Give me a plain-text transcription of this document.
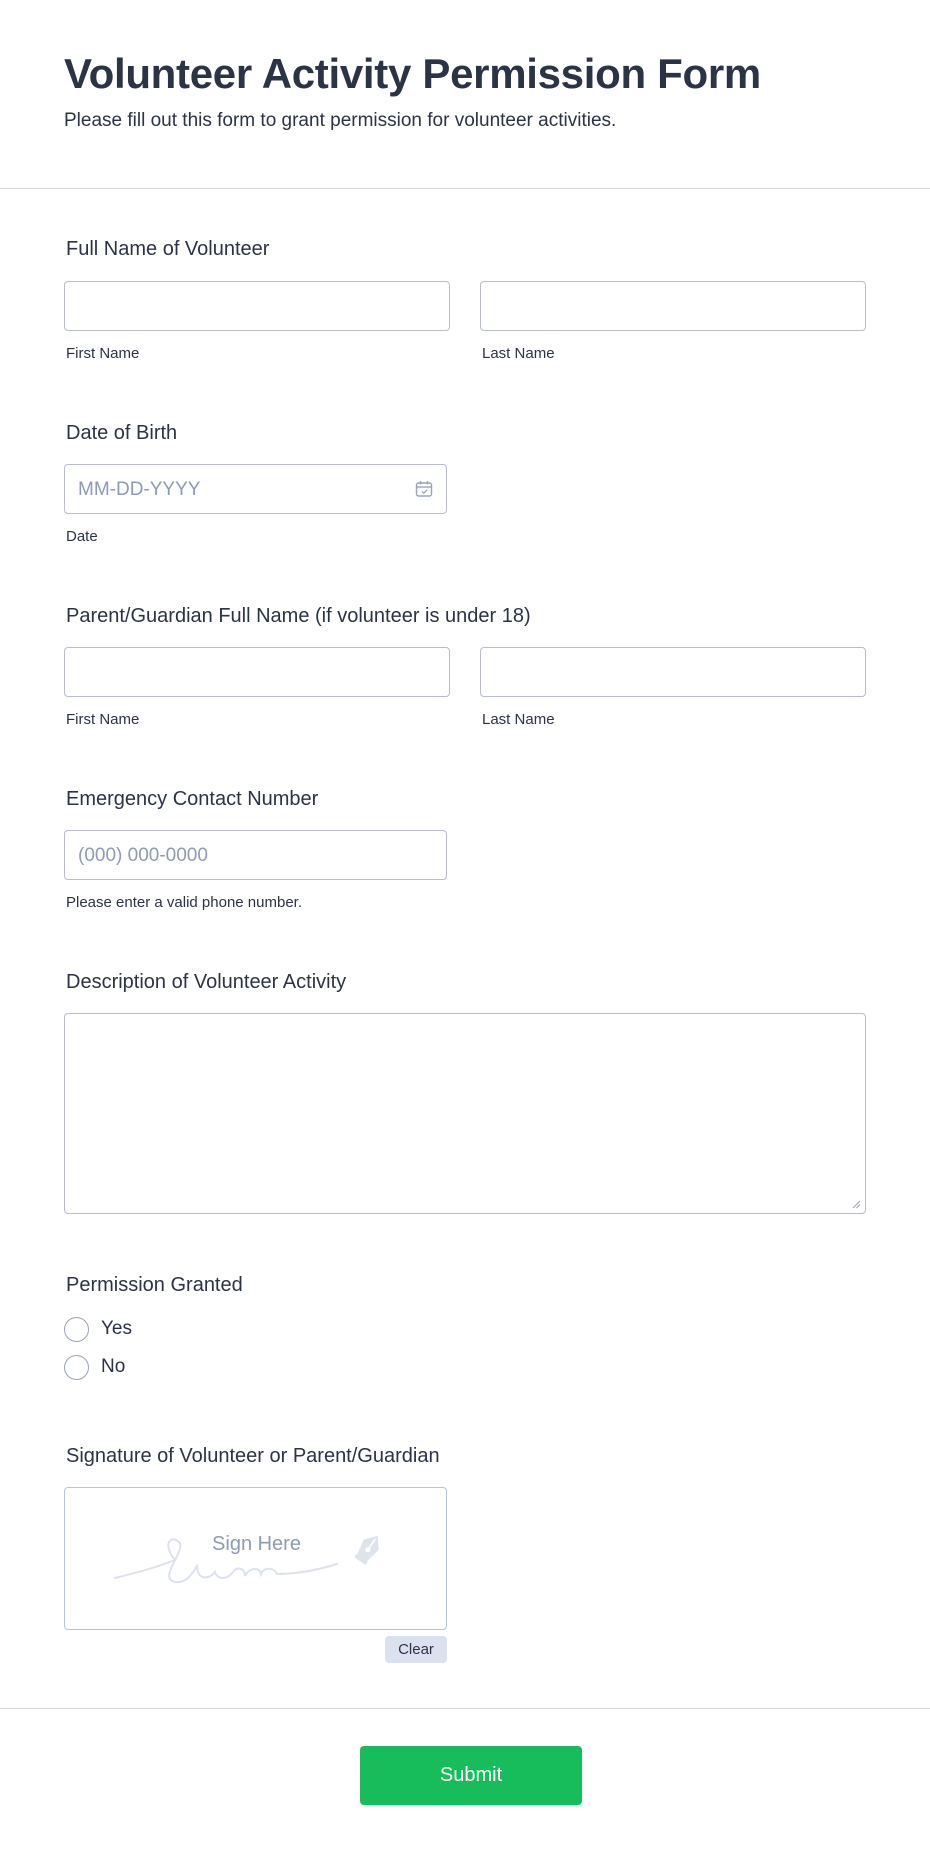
Volunteer Activity Permission Form

Please fill out this form to grant permission for volunteer activities.

Full Name of Volunteer
First Name	Last Name
Date of Birth
MM-DD-YYYY
Date
Parent/Guardian Full Name (if volunteer is under 18)
First Name	Last Name
Emergency Contact Number
(000) 000-0000
Please enter a valid phone number.
Description of Volunteer Activity
Permission Granted
Yes
No
Signature of Volunteer or Parent/Guardian
Sign Here
Clear
Submit
